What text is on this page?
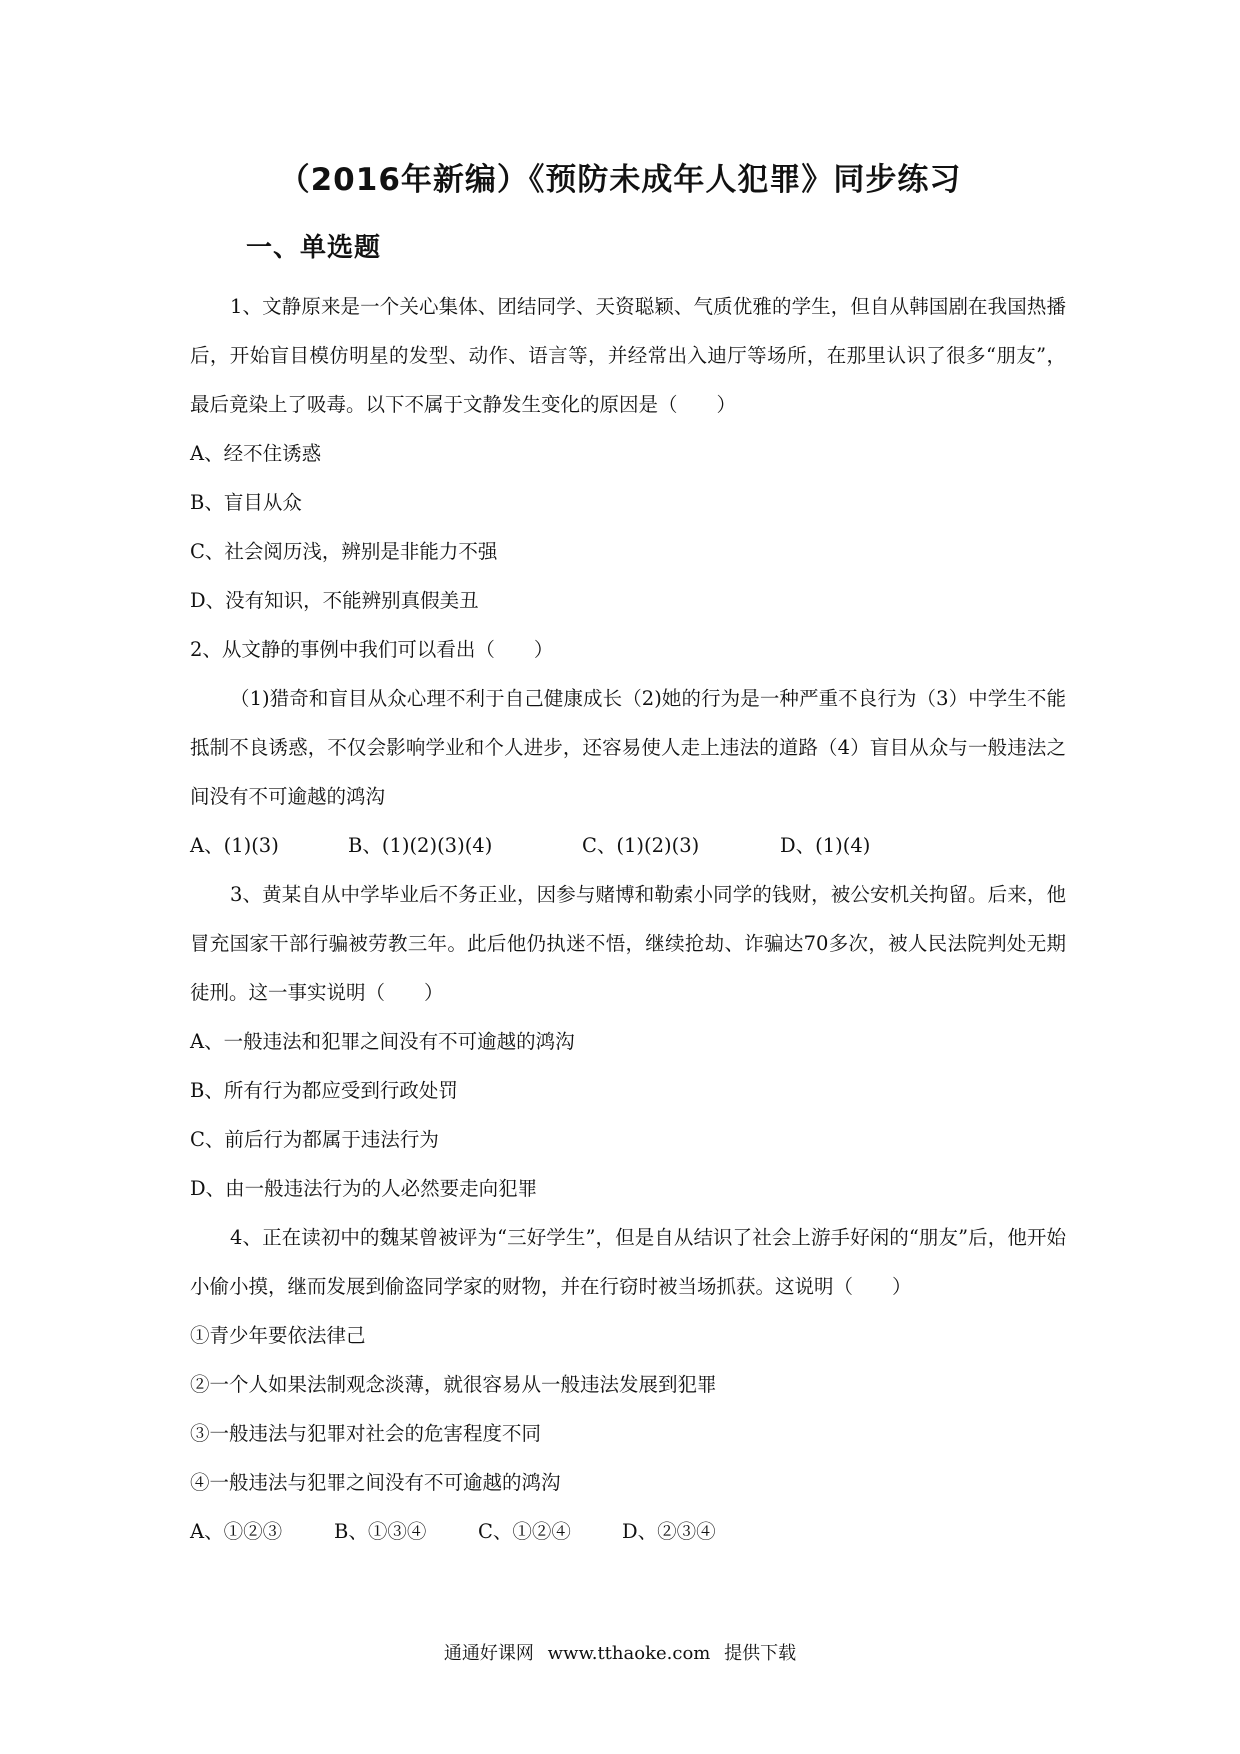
（2016年新编）《预防未成年人犯罪》同步练习
一、单选题

1、文静原来是一个关心集体、团结同学、天资聪颖、气质优雅的学生，但自从韩国剧在我国热播后，开始盲目模仿明星的发型、动作、语言等，并经常出入迪厅等场所，在那里认识了很多“朋友”，最后竟染上了吸毒。以下不属于文静发生变化的原因是（　　）

A、经不住诱惑

B、盲目从众

C、社会阅历浅，辨别是非能力不强

D、没有知识，不能辨别真假美丑

2、从文静的事例中我们可以看出（　　）

（1)猎奇和盲目从众心理不利于自己健康成长（2)她的行为是一种严重不良行为（3）中学生不能抵制不良诱惑，不仅会影响学业和个人进步，还容易使人走上违法的道路（4）盲目从众与一般违法之间没有不可逾越的鸿沟

A、(1)(3)	B、(1)(2)(3)(4)	C、(1)(2)(3)	D、(1)(4)

3、黄某自从中学毕业后不务正业，因参与赌博和勒索小同学的钱财，被公安机关拘留。后来，他冒充国家干部行骗被劳教三年。此后他仍执迷不悟，继续抢劫、诈骗达70多次，被人民法院判处无期徒刑。这一事实说明（　　）

A、一般违法和犯罪之间没有不可逾越的鸿沟

B、所有行为都应受到行政处罚

C、前后行为都属于违法行为

D、由一般违法行为的人必然要走向犯罪

4、正在读初中的魏某曾被评为“三好学生”，但是自从结识了社会上游手好闲的“朋友”后，他开始小偷小摸，继而发展到偷盗同学家的财物，并在行窃时被当场抓获。这说明（　　）

①青少年要依法律己

②一个人如果法制观念淡薄，就很容易从一般违法发展到犯罪

③一般违法与犯罪对社会的危害程度不同

④一般违法与犯罪之间没有不可逾越的鸿沟

A、①②③	B、①③④	C、①②④	D、②③④

通通好课网 www.tthaoke.com 提供下载
